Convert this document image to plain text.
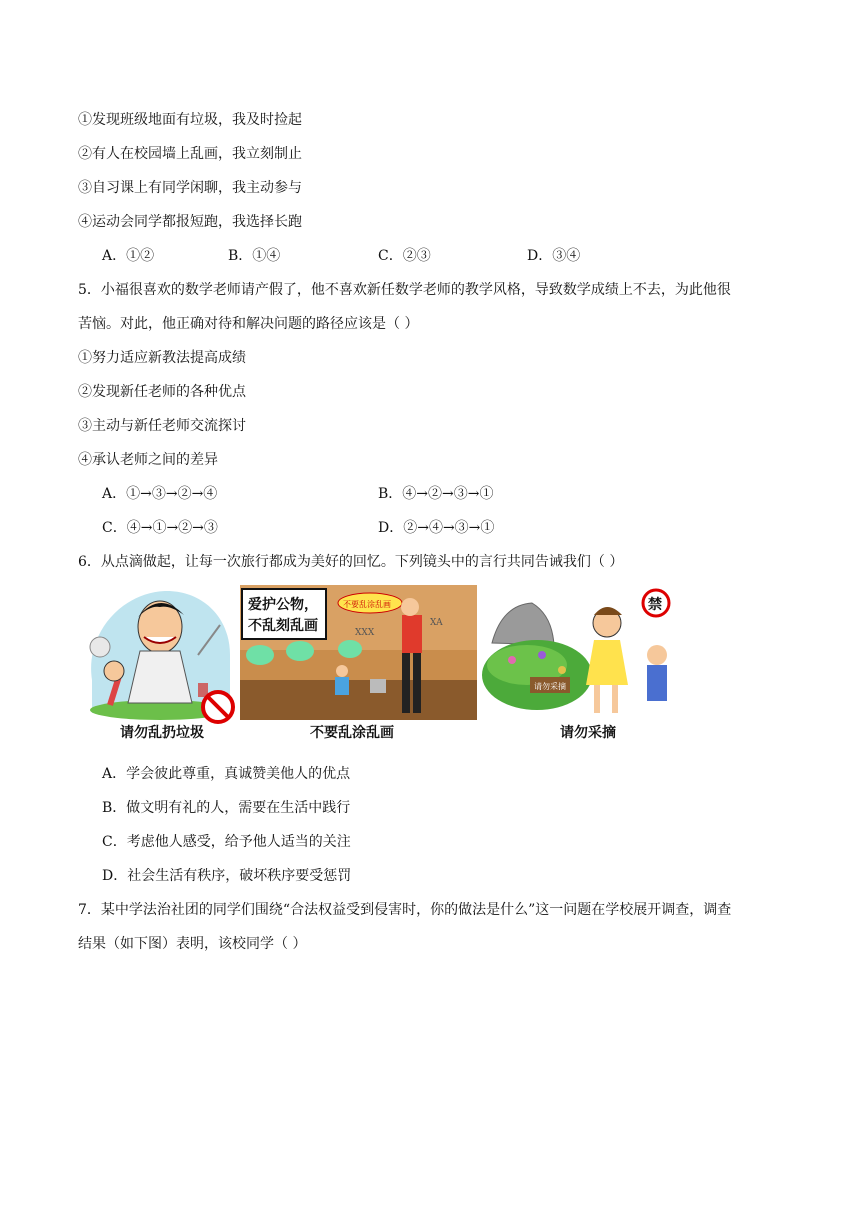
①发现班级地面有垃圾，我及时捡起
②有人在校园墙上乱画，我立刻制止
③自习课上有同学闲聊，我主动参与
④运动会同学都报短跑，我选择长跑
A．①②	B．①④	C．②③	D．③④
5．小福很喜欢的数学老师请产假了，他不喜欢新任数学老师的教学风格，导致数学成绩上不去，为此他很
苦恼。对此，他正确对待和解决问题的路径应该是（ ）
①努力适应新教法提高成绩
②发现新任老师的各种优点
③主动与新任老师交流探讨
④承认老师之间的差异
A．①→③→②→④	B．④→②→③→①
C．④→①→②→③	D．②→④→③→①
6．从点滴做起，让每一次旅行都成为美好的回忆。下列镜头中的言行共同告诫我们（ ）
请勿乱扔垃圾
爱护公物，
不乱刻乱画
不要乱涂乱画
XXX
XA
不要乱涂乱画
请勿采摘
禁
请勿采摘
A．学会彼此尊重，真诚赞美他人的优点
B．做文明有礼的人，需要在生活中践行
C．考虑他人感受，给予他人适当的关注
D．社会生活有秩序，破坏秩序要受惩罚
7．某中学法治社团的同学们围绕“合法权益受到侵害时，你的做法是什么”这一问题在学校展开调查，调查
结果（如下图）表明，该校同学（ ）
